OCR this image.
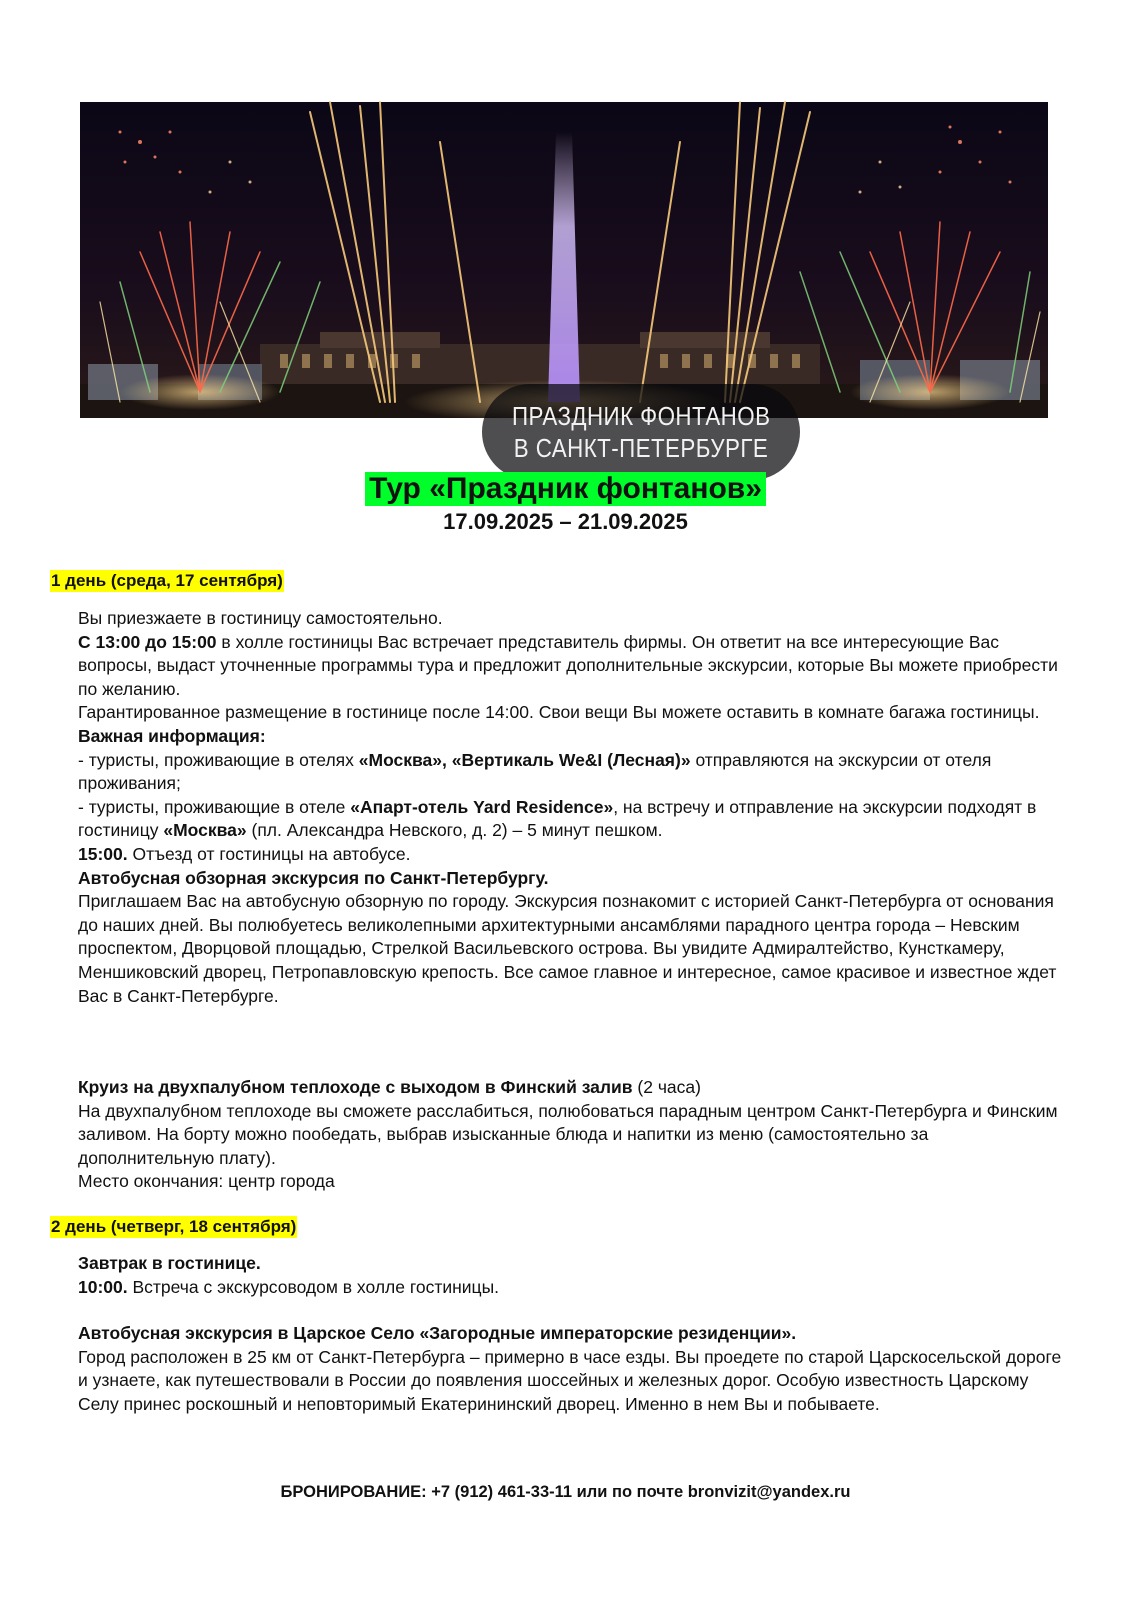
ПРАЗДНИК ФОНТАНОВ
В САНКТ-ПЕТЕРБУРГЕ
Тур «Праздник фонтанов»
17.09.2025 – 21.09.2025
1 день (среда, 17 сентября)

Вы приезжаете в гостиницу самостоятельно.

С 13:00 до 15:00 в холле гостиницы Вас встречает представитель фирмы. Он ответит на все интересующие Вас вопросы, выдаст уточненные программы тура и предложит дополнительные экскурсии, которые Вы можете приобрести по желанию.

Гарантированное размещение в гостинице после 14:00. Свои вещи Вы можете оставить в комнате багажа гостиницы.

Важная информация:

- туристы, проживающие в отелях «Москва», «Вертикаль We&I (Лесная)» отправляются на экскурсии от отеля проживания;

- туристы, проживающие в отеле «Апарт-отель Yard Residence», на встречу и отправление на экскурсии подходят в гостиницу «Москва» (пл. Александра Невского, д. 2) – 5 минут пешком.

15:00. Отъезд от гостиницы на автобусе.

Автобусная обзорная экскурсия по Санкт-Петербургу.

Приглашаем Вас на автобусную обзорную по городу. Экскурсия познакомит с историей Санкт-Петербурга от основания до наших дней. Вы полюбуетесь великолепными архитектурными ансамблями парадного центра города – Невским проспектом, Дворцовой площадью, Стрелкой Васильевского острова. Вы увидите Адмиралтейство, Кунсткамеру, Меншиковский дворец, Петропавловскую крепость. Все самое главное и интересное, самое красивое и известное ждет Вас в Санкт-Петербурге.

Круиз на двухпалубном теплоходе с выходом в Финский залив (2 часа)

На двухпалубном теплоходе вы сможете расслабиться, полюбоваться парадным центром Санкт-Петербурга и Финским заливом. На борту можно пообедать, выбрав изысканные блюда и напитки из меню (самостоятельно за дополнительную плату).

Место окончания: центр города

2 день (четверг, 18 сентября)

Завтрак в гостинице.

10:00. Встреча с экскурсоводом в холле гостиницы.

Автобусная экскурсия в Царское Село «Загородные императорские резиденции».

Город расположен в 25 км от Санкт-Петербурга – примерно в часе езды. Вы проедете по старой Царскосельской дороге и узнаете, как путешествовали в России до появления шоссейных и железных дорог. Особую известность Царскому Селу принес роскошный и неповторимый Екатерининский дворец. Именно в нем Вы и побываете.

БРОНИРОВАНИЕ: +7 (912) 461-33-11 или по почте bronvizit@yandex.ru
